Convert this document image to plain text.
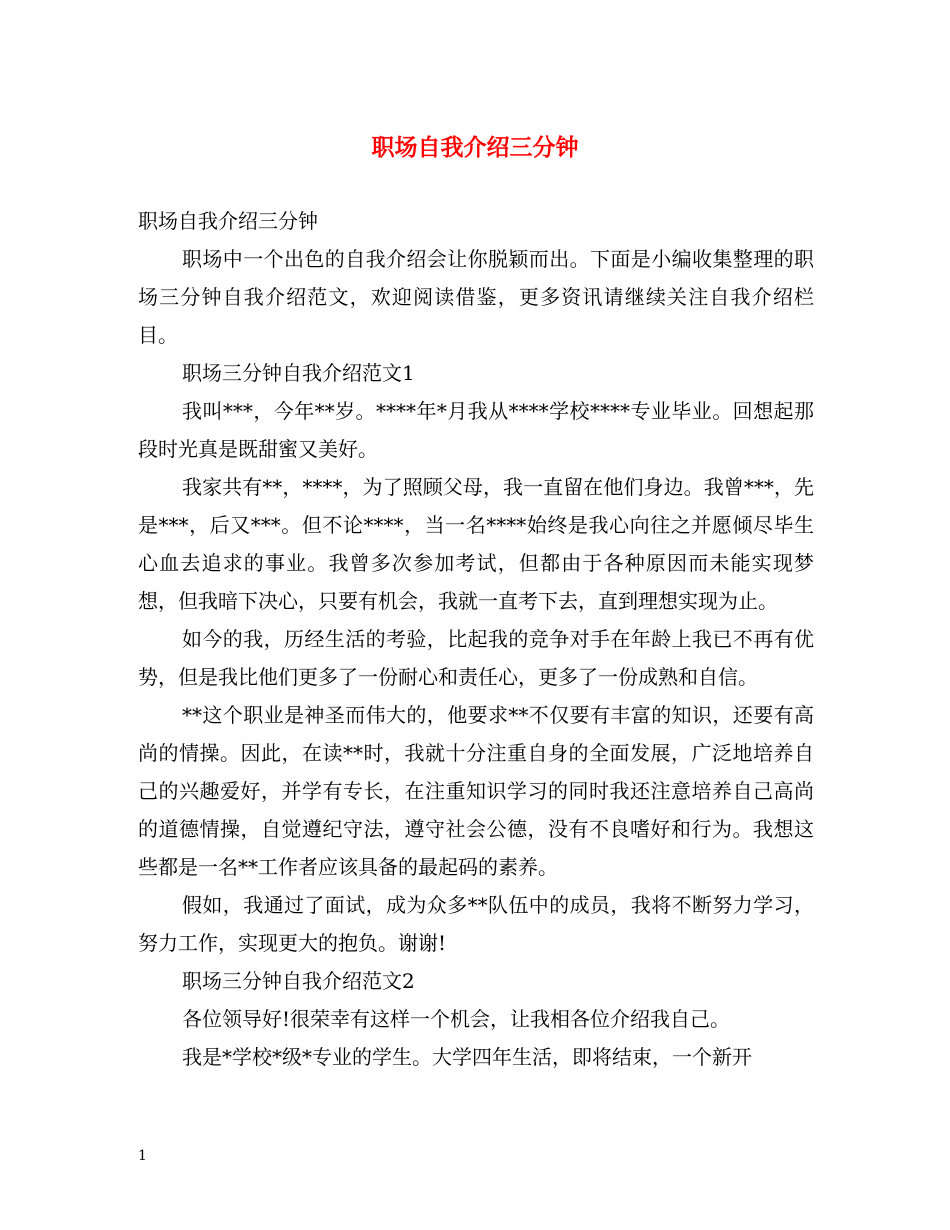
职场自我介绍三分钟

职场自我介绍三分钟

职场中一个出色的自我介绍会让你脱颖而出。下面是小编收集整理的职场三分钟自我介绍范文，欢迎阅读借鉴，更多资讯请继续关注自我介绍栏目。

职场三分钟自我介绍范文1

我叫***，今年**岁。****年*月我从****学校****专业毕业。回想起那段时光真是既甜蜜又美好。

我家共有**，****，为了照顾父母，我一直留在他们身边。我曾***，先是***，后又***。但不论****，当一名****始终是我心向往之并愿倾尽毕生心血去追求的事业。我曾多次参加考试，但都由于各种原因而未能实现梦想，但我暗下决心，只要有机会，我就一直考下去，直到理想实现为止。

如今的我，历经生活的考验，比起我的竞争对手在年龄上我已不再有优势，但是我比他们更多了一份耐心和责任心，更多了一份成熟和自信。

**这个职业是神圣而伟大的，他要求**不仅要有丰富的知识，还要有高尚的情操。因此，在读**时，我就十分注重自身的全面发展，广泛地培养自己的兴趣爱好，并学有专长，在注重知识学习的同时我还注意培养自己高尚的道德情操，自觉遵纪守法，遵守社会公德，没有不良嗜好和行为。我想这些都是一名**工作者应该具备的最起码的素养。

假如，我通过了面试，成为众多**队伍中的成员，我将不断努力学习，努力工作，实现更大的抱负。谢谢!

职场三分钟自我介绍范文2

各位领导好!很荣幸有这样一个机会，让我相各位介绍我自己。

我是*学校*级*专业的学生。大学四年生活，即将结束，一个新开

1
